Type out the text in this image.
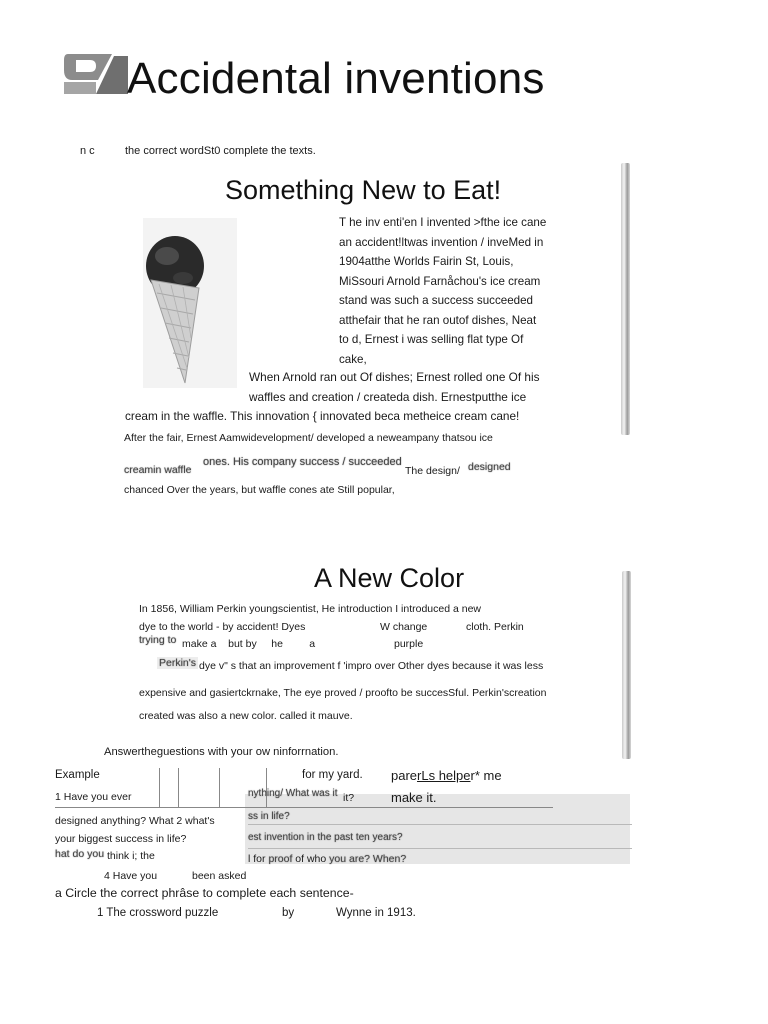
Accidental inventions
n c	the correct wordSt0 complete the texts.
Something New to Eat!
T he inv enti'en I invented >fthe ice cane
an accident!ltwas invention / inveMed in
1904atthe Worlds Fairin St, Louis,
MiSsouri Arnold Farnåchou's ice cream
stand was such a success succeeded
atthefair that he ran outof dishes, Neat
to d, Ernest i was selling flat type Of
cake,
When Arnold ran out Of dishes; Ernest rolled one Of his
waffles and creation / createda dish. Ernestputthe ice
cream in the waffle. This innovation { innovated beca metheice cream cane!
After the fair, Ernest Aamwidevelopment/ developed a neweampany thatsou ice
ones. His company success / succeeded
creamin waffle	The design/ designed
chanced Over the years, but waffle cones ate Still popular,
A New Color
In 1856, William Perkin youngscientist, He introduction I introduced a new
dye to the world - by accident! Dyes	W change	cloth. Perkin
trying to make a    but by     he         a	purple
Perkin's dye v" s that an improvement f 'impro over Other dyes because it was less
expensive and gasiertckrnake, The eye proved / proofto be succesSful. Perkin'screation
created was also a new color. called it mauve.
Answertheguestions with your ow ninforrnation.
Example	for my yard. parerLs helper* me
make it.
1 Have you ever	nything/ What was it it?
designed anything? What 2 what's	ss in life?
your biggest success in life?	est invention in the past ten years?
hat do you think i; the	l for proof of who you are? When?
4 Have you	been asked
a Circle the correct phrâse to complete each sentence-
1 The crossword puzzle	by	Wynne in 1913.
